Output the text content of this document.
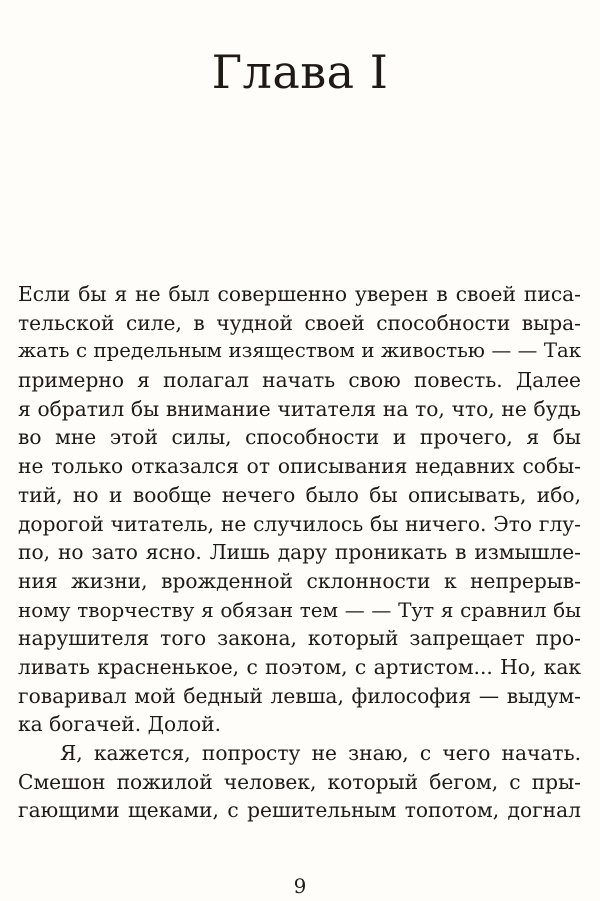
Глава I
Если бы я не был совершенно уверен в своей писа-
тельской силе, в чудной своей способности выра-
жать с предельным изяществом и живостью — — Так
примерно я полагал начать свою повесть. Далее
я обратил бы внимание читателя на то, что, не будь
во мне этой силы, способности и прочего, я бы
не только отказался от описывания недавних собы-
тий, но и вообще нечего было бы описывать, ибо,
дорогой читатель, не случилось бы ничего. Это глу-
по, но зато ясно. Лишь дару проникать в измышле-
ния жизни, врожденной склонности к непрерыв-
ному творчеству я обязан тем — — Тут я сравнил бы
нарушителя того закона, который запрещает про-
ливать красненькое, с поэтом, с артистом... Но, как
говаривал мой бедный левша, философия — выдум-
ка богачей. Долой.
Я, кажется, попросту не знаю, с чего начать.
Смешон пожилой человек, который бегом, с пры-
гающими щеками, с решительным топотом, догнал
9
